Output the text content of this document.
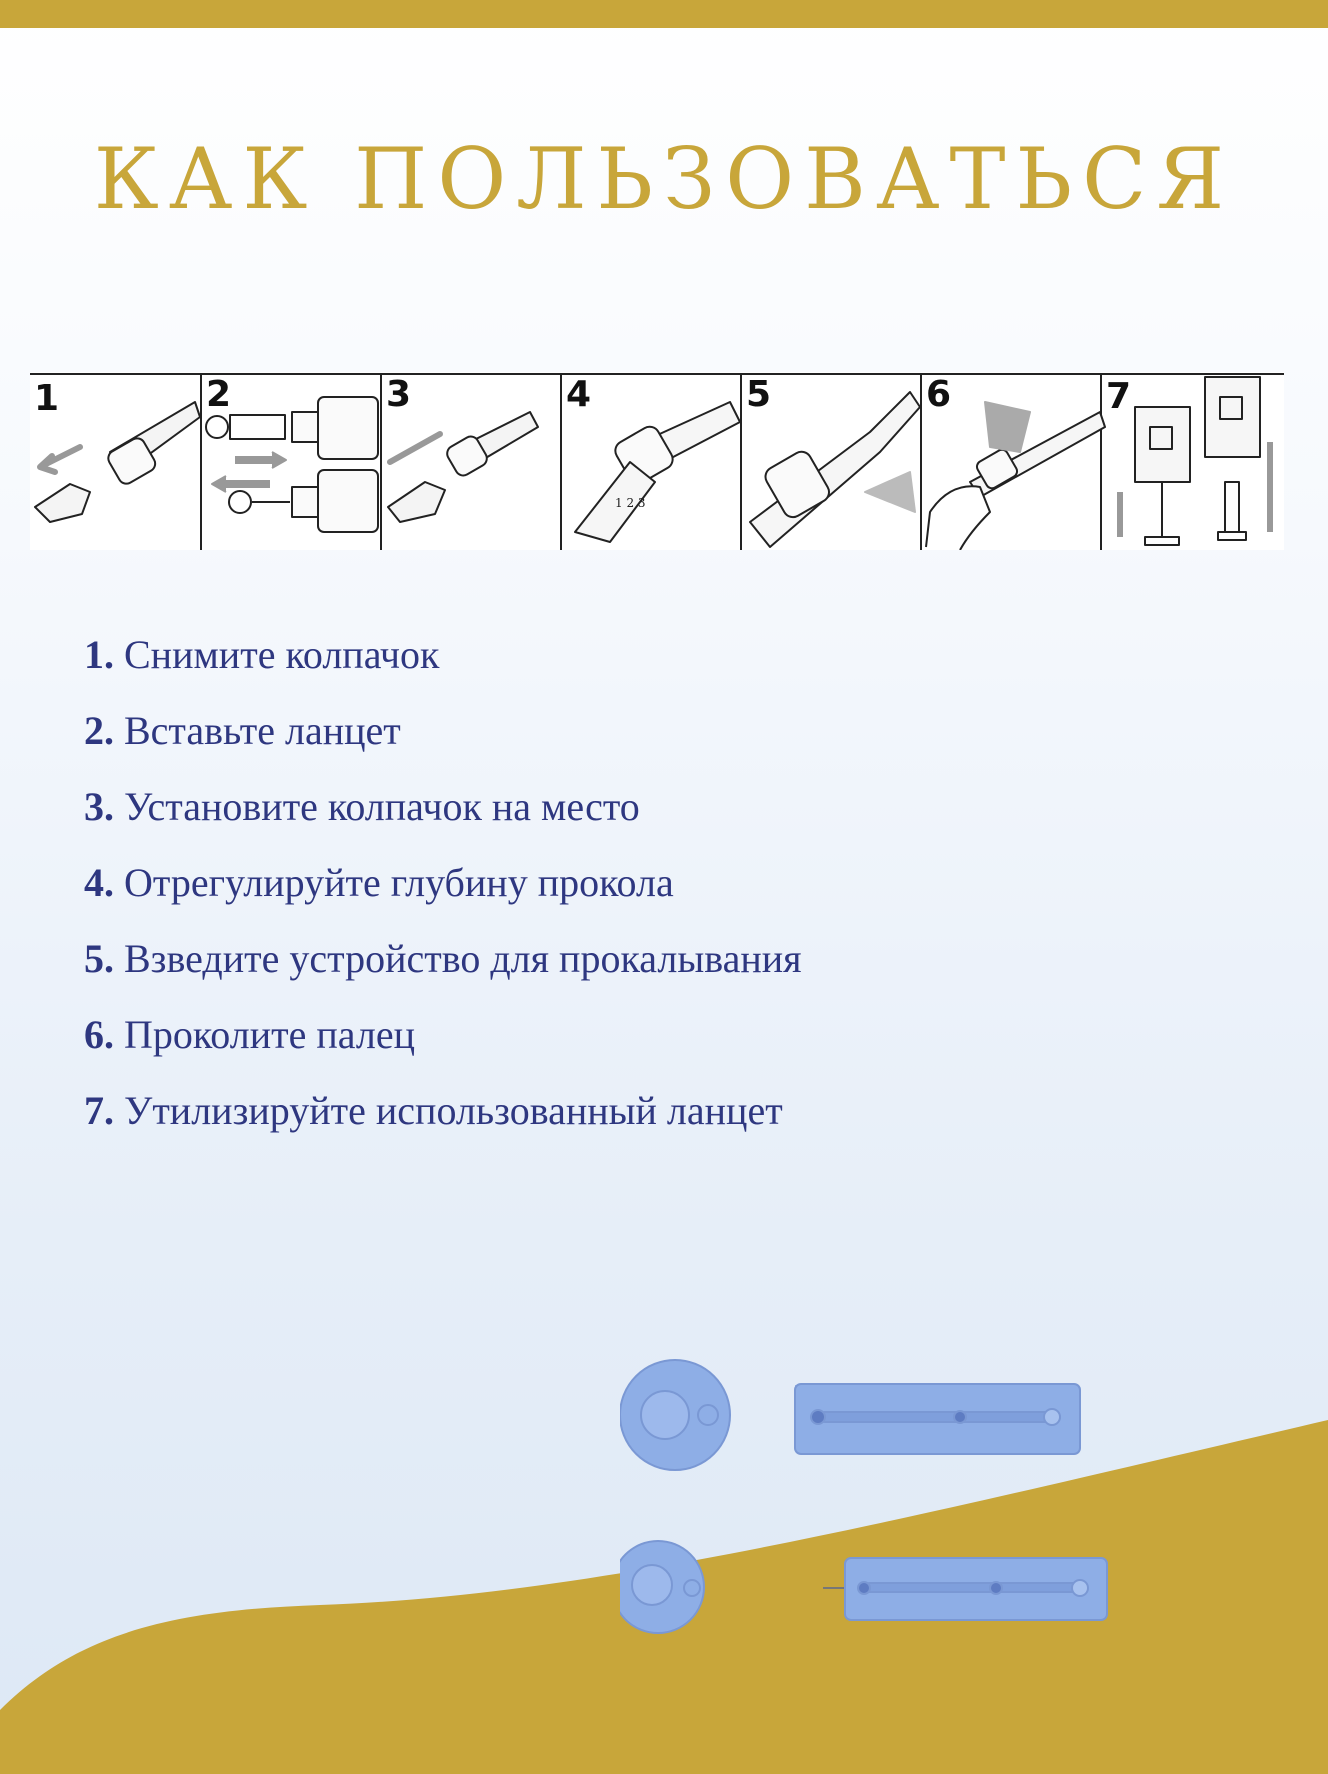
КАК ПОЛЬЗОВАТЬСЯ
1	2	3	4	5	6	7
1 2 3
1. Снимите колпачок
2. Вставьте ланцет
3. Установите колпачок на место
4. Отрегулируйте глубину прокола
5. Взведите устройство для прокалывания
6. Проколите палец
7. Утилизируйте использованный ланцет
